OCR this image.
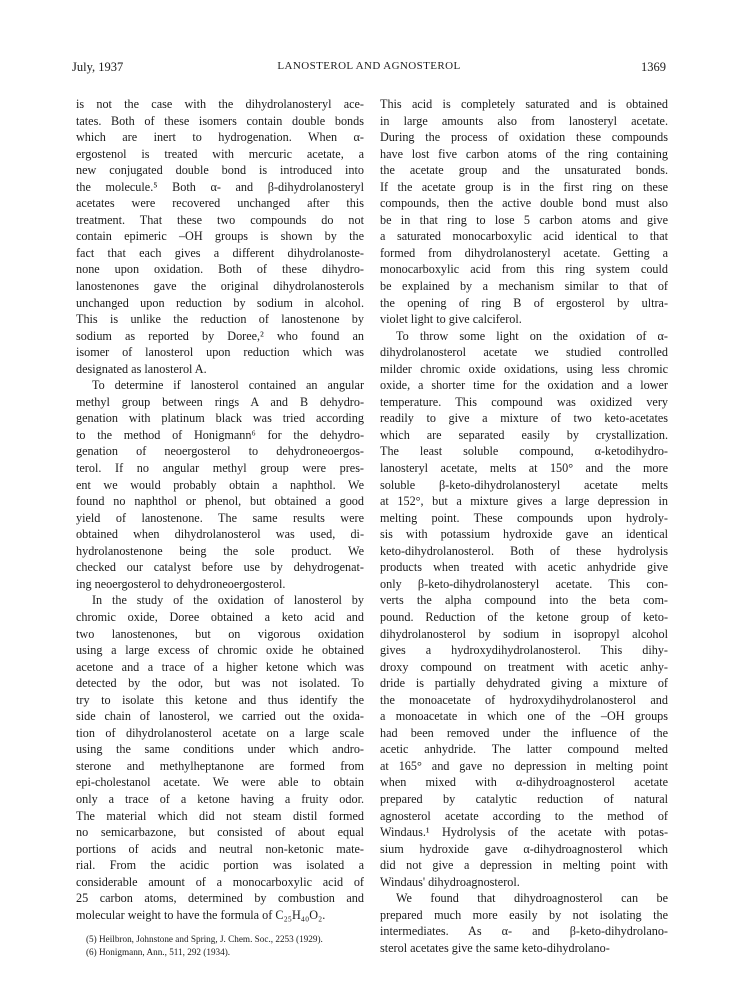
July, 1937	LANOSTEROL AND AGNOSTEROL	1369
is not the case with the dihydrolanosteryl ace-
tates. Both of these isomers contain double bonds
which are inert to hydrogenation. When α-
ergostenol is treated with mercuric acetate, a
new conjugated double bond is introduced into
the molecule.⁵ Both α- and β-dihydrolanosteryl
acetates were recovered unchanged after this
treatment. That these two compounds do not
contain epimeric –OH groups is shown by the
fact that each gives a different dihydrolanoste-
none upon oxidation. Both of these dihydro-
lanostenones gave the original dihydrolanosterols
unchanged upon reduction by sodium in alcohol.
This is unlike the reduction of lanostenone by
sodium as reported by Doree,² who found an
isomer of lanosterol upon reduction which was
designated as lanosterol A.
To determine if lanosterol contained an angular
methyl group between rings A and B dehydro-
genation with platinum black was tried according
to the method of Honigmann⁶ for the dehydro-
genation of neoergosterol to dehydroneoergos-
terol. If no angular methyl group were pres-
ent we would probably obtain a naphthol. We
found no naphthol or phenol, but obtained a good
yield of lanostenone. The same results were
obtained when dihydrolanosterol was used, di-
hydrolanostenone being the sole product. We
checked our catalyst before use by dehydrogenat-
ing neoergosterol to dehydroneoergosterol.
In the study of the oxidation of lanosterol by
chromic oxide, Doree obtained a keto acid and
two lanostenones, but on vigorous oxidation
using a large excess of chromic oxide he obtained
acetone and a trace of a higher ketone which was
detected by the odor, but was not isolated. To
try to isolate this ketone and thus identify the
side chain of lanosterol, we carried out the oxida-
tion of dihydrolanosterol acetate on a large scale
using the same conditions under which andro-
sterone and methylheptanone are formed from
epi-cholestanol acetate. We were able to obtain
only a trace of a ketone having a fruity odor.
The material which did not steam distil formed
no semicarbazone, but consisted of about equal
portions of acids and neutral non-ketonic mate-
rial. From the acidic portion was isolated a
considerable amount of a monocarboxylic acid of
25 carbon atoms, determined by combustion and
molecular weight to have the formula of C₂₅H₄₀O₂.
(5) Heilbron, Johnstone and Spring, J. Chem. Soc., 2253 (1929).
(6) Honigmann, Ann., 511, 292 (1934).
This acid is completely saturated and is obtained
in large amounts also from lanosteryl acetate.
During the process of oxidation these compounds
have lost five carbon atoms of the ring containing
the acetate group and the unsaturated bonds.
If the acetate group is in the first ring on these
compounds, then the active double bond must also
be in that ring to lose 5 carbon atoms and give
a saturated monocarboxylic acid identical to that
formed from dihydrolanosteryl acetate. Getting a
monocarboxylic acid from this ring system could
be explained by a mechanism similar to that of
the opening of ring B of ergosterol by ultra-
violet light to give calciferol.
To throw some light on the oxidation of α-
dihydrolanosterol acetate we studied controlled
milder chromic oxide oxidations, using less chromic
oxide, a shorter time for the oxidation and a lower
temperature. This compound was oxidized very
readily to give a mixture of two keto-acetates
which are separated easily by crystallization.
The least soluble compound, α-ketodihydro-
lanosteryl acetate, melts at 150° and the more
soluble β-keto-dihydrolanosteryl acetate melts
at 152°, but a mixture gives a large depression in
melting point. These compounds upon hydroly-
sis with potassium hydroxide gave an identical
keto-dihydrolanosterol. Both of these hydrolysis
products when treated with acetic anhydride give
only β-keto-dihydrolanosteryl acetate. This con-
verts the alpha compound into the beta com-
pound. Reduction of the ketone group of keto-
dihydrolanosterol by sodium in isopropyl alcohol
gives a hydroxydihydrolanosterol. This dihy-
droxy compound on treatment with acetic anhy-
dride is partially dehydrated giving a mixture of
the monoacetate of hydroxydihydrolanosterol and
a monoacetate in which one of the –OH groups
had been removed under the influence of the
acetic anhydride. The latter compound melted
at 165° and gave no depression in melting point
when mixed with α-dihydroagnosterol acetate
prepared by catalytic reduction of natural
agnosterol acetate according to the method of
Windaus.¹ Hydrolysis of the acetate with potas-
sium hydroxide gave α-dihydroagnosterol which
did not give a depression in melting point with
Windaus' dihydroagnosterol.
We found that dihydroagnosterol can be
prepared much more easily by not isolating the
intermediates. As α- and β-keto-dihydrolano-
sterol acetates give the same keto-dihydrolano-
